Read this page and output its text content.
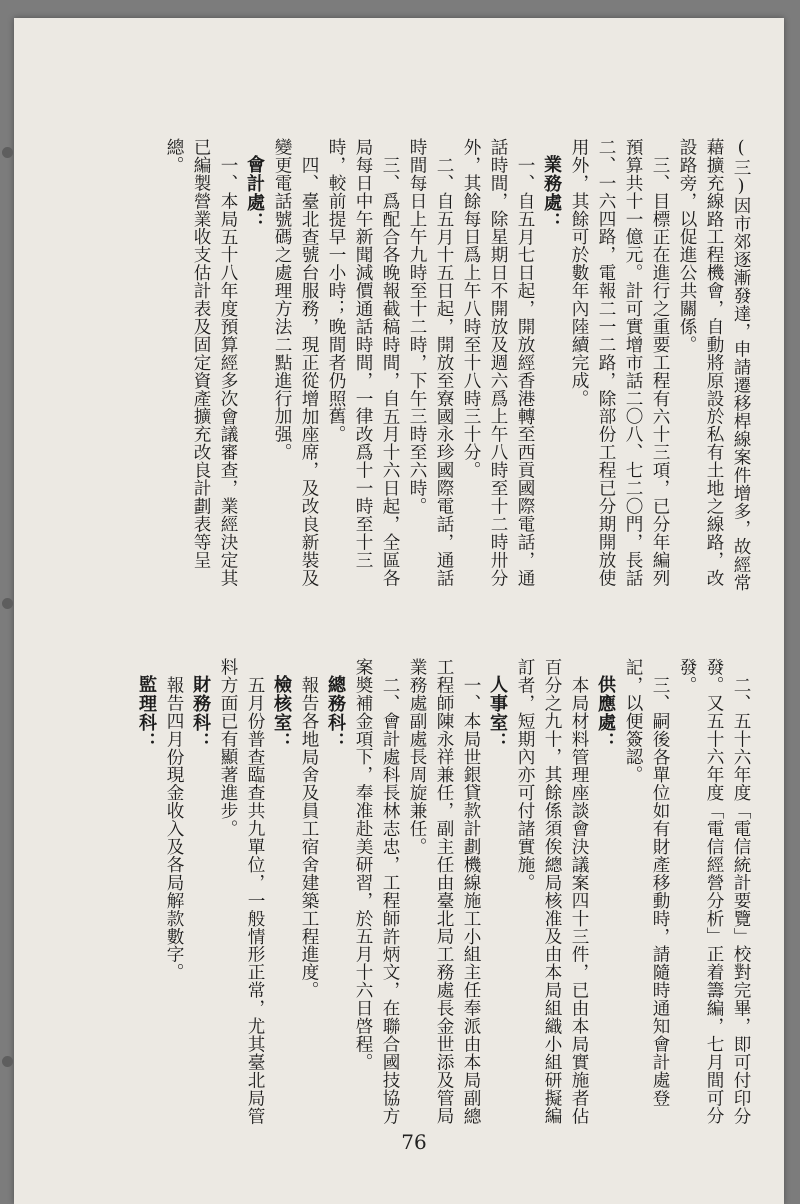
(三)因市郊逐漸發達，申請遷移桿線案件增多，故經常藉擴充線路工程機會，自動將原設於私有土地之線路，改設路旁，以促進公共關係。

三、目標正在進行之重要工程有六十三項，已分年編列預算共十一億元。計可實增市話二〇八、七二〇門，長話二、一六四路，電報二一二路，除部份工程已分期開放使用外，其餘可於數年內陸續完成。

業務處：

一、自五月七日起，開放經香港轉至西貢國際電話，通話時間，除星期日不開放及週六爲上午八時至十二時卅分外，其餘每日爲上午八時至十八時三十分。

二、自五月十五日起，開放至寮國永珍國際電話，通話時間每日上午九時至十二時，下午三時至六時。

三、爲配合各晚報截稿時間，自五月十六日起，全區各局每日中午新聞減價通話時間，一律改爲十一時至十三時，較前提早一小時；晚間者仍照舊。

四、臺北查號台服務，現正從增加座席，及改良新裝及變更電話號碼之處理方法二點進行加强。

會計處：

一、本局五十八年度預算經多次會議審查，業經決定其已編製營業收支估計表及固定資產擴充改良計劃表等呈總。

二、五十六年度「電信統計要覽」校對完畢，即可付印分發。又五十六年度「電信經營分析」正着籌編，七月間可分發。

三、嗣後各單位如有財產移動時，請隨時通知會計處登記，以便簽認。

供應處：

本局材料管理座談會決議案四十三件，已由本局實施者佔百分之九十，其餘係須俟總局核准及由本局組織小組研擬編訂者，短期內亦可付諸實施。

人事室：

一、本局世銀貸款計劃機線施工小組主任奉派由本局副總工程師陳永祥兼任，副主任由臺北局工務處長金世添及管局業務處副處長周旋兼任。

二、會計處科長林志忠，工程師許炳文，在聯合國技協方案奬補金項下，奉准赴美研習，於五月十六日啓程。

總務科：

報告各地局舍及員工宿舍建築工程進度。

檢核室：

五月份普查臨查共九單位，一般情形正常，尤其臺北局管料方面已有顯著進步。

財務科：

報告四月份現金收入及各局解款數字。

監理科：

76
